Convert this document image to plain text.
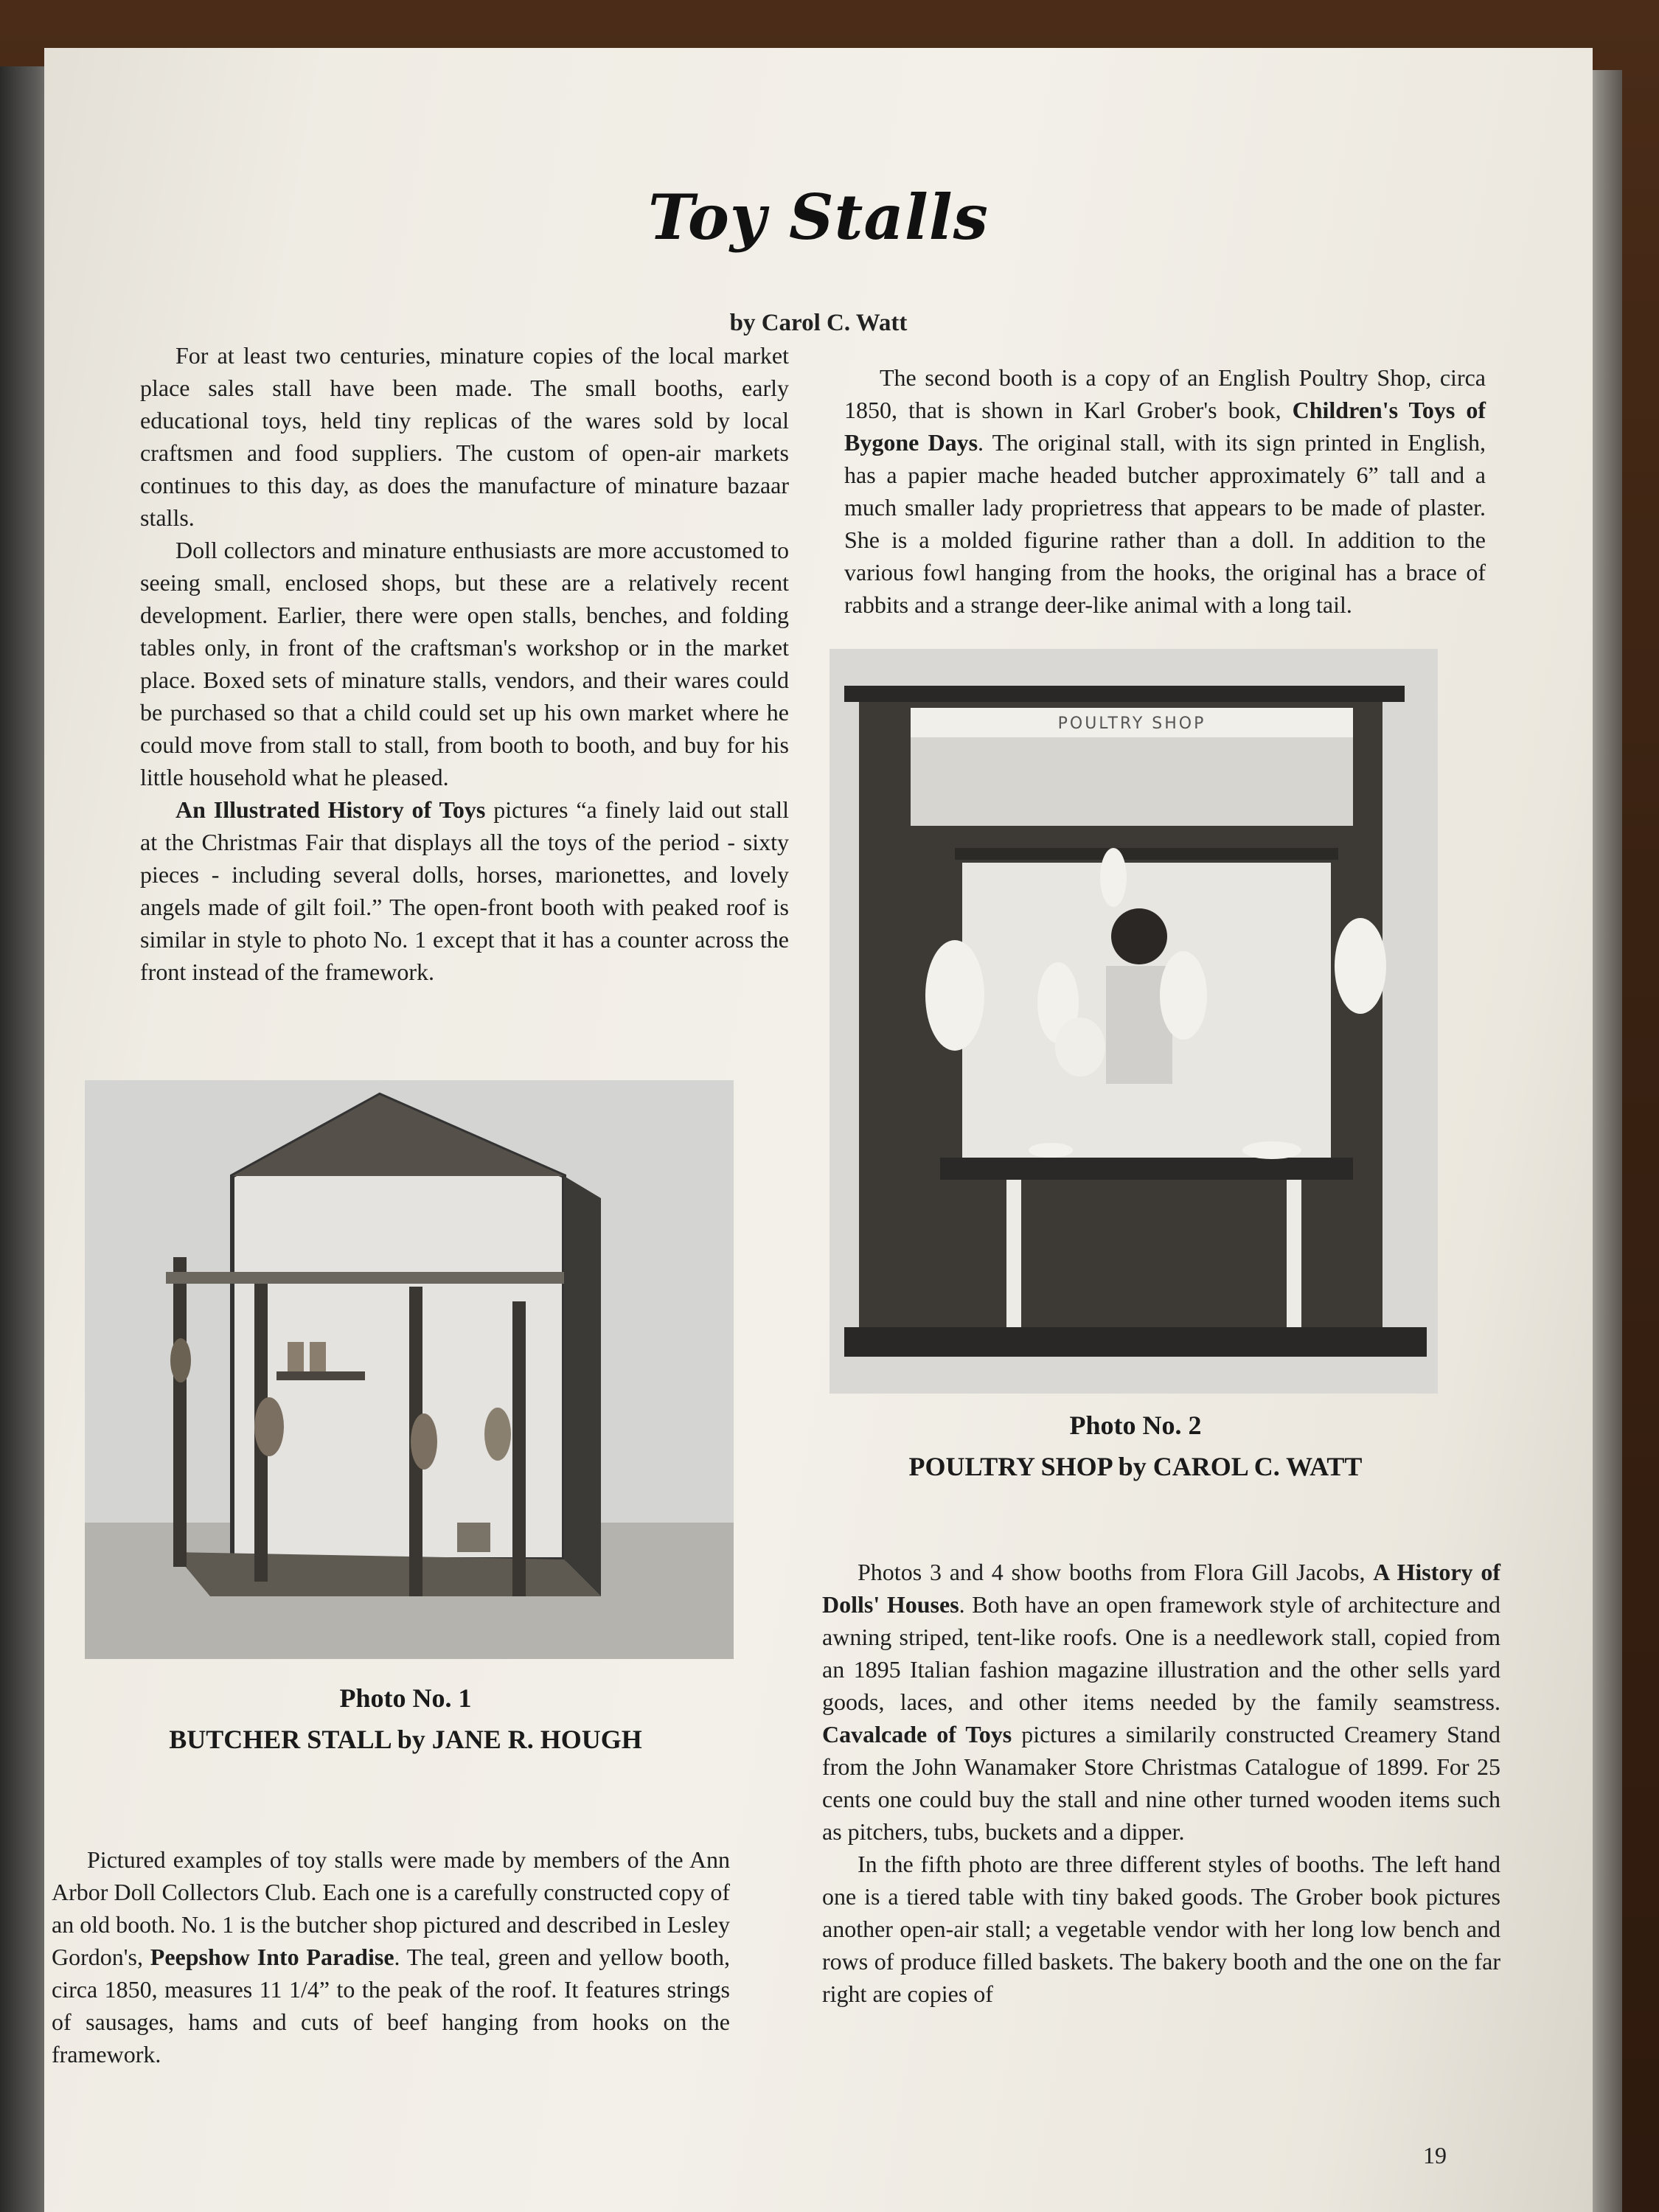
Toy Stalls
by Carol C. Watt

For at least two centuries, minature copies of the local market place sales stall have been made. The small booths, early educational toys, held tiny replicas of the wares sold by local craftsmen and food suppliers. The custom of open-air markets continues to this day, as does the manufacture of minature bazaar stalls.

Doll collectors and minature enthusiasts are more accustomed to seeing small, enclosed shops, but these are a relatively recent development. Earlier, there were open stalls, benches, and folding tables only, in front of the craftsman's workshop or in the market place. Boxed sets of minature stalls, vendors, and their wares could be purchased so that a child could set up his own market where he could move from stall to stall, from booth to booth, and buy for his little household what he pleased.

An Illustrated History of Toys pictures “a finely laid out stall at the Christmas Fair that displays all the toys of the period - sixty pieces - including several dolls, horses, marionettes, and lovely angels made of gilt foil.” The open-front booth with peaked roof is similar in style to photo No. 1 except that it has a counter across the front instead of the framework.

The second booth is a copy of an English Poultry Shop, circa 1850, that is shown in Karl Grober's book, Children's Toys of Bygone Days. The original stall, with its sign printed in English, has a papier mache headed butcher approximately 6” tall and a much smaller lady proprietress that appears to be made of plaster. She is a molded figurine rather than a doll. In addition to the various fowl hanging from the hooks, the original has a brace of rabbits and a strange deer-like animal with a long tail.

Photo No. 1
BUTCHER STALL by JANE R. HOUGH
POULTRY SHOP
Photo No. 2
POULTRY SHOP by CAROL C. WATT

Pictured examples of toy stalls were made by members of the Ann Arbor Doll Collectors Club. Each one is a carefully constructed copy of an old booth. No. 1 is the butcher shop pictured and described in Lesley Gordon's, Peepshow Into Paradise. The teal, green and yellow booth, circa 1850, measures 11 1/4” to the peak of the roof. It features strings of sausages, hams and cuts of beef hanging from hooks on the framework.

Photos 3 and 4 show booths from Flora Gill Jacobs, A History of Dolls' Houses. Both have an open framework style of architecture and awning striped, tent-like roofs. One is a needlework stall, copied from an 1895 Italian fashion magazine illustration and the other sells yard goods, laces, and other items needed by the family seamstress. Cavalcade of Toys pictures a similarily constructed Creamery Stand from the John Wanamaker Store Christmas Catalogue of 1899. For 25 cents one could buy the stall and nine other turned wooden items such as pitchers, tubs, buckets and a dipper.

In the fifth photo are three different styles of booths. The left hand one is a tiered table with tiny baked goods. The Grober book pictures another open-air stall; a vegetable vendor with her long low bench and rows of produce filled baskets. The bakery booth and the one on the far right are copies of

19
